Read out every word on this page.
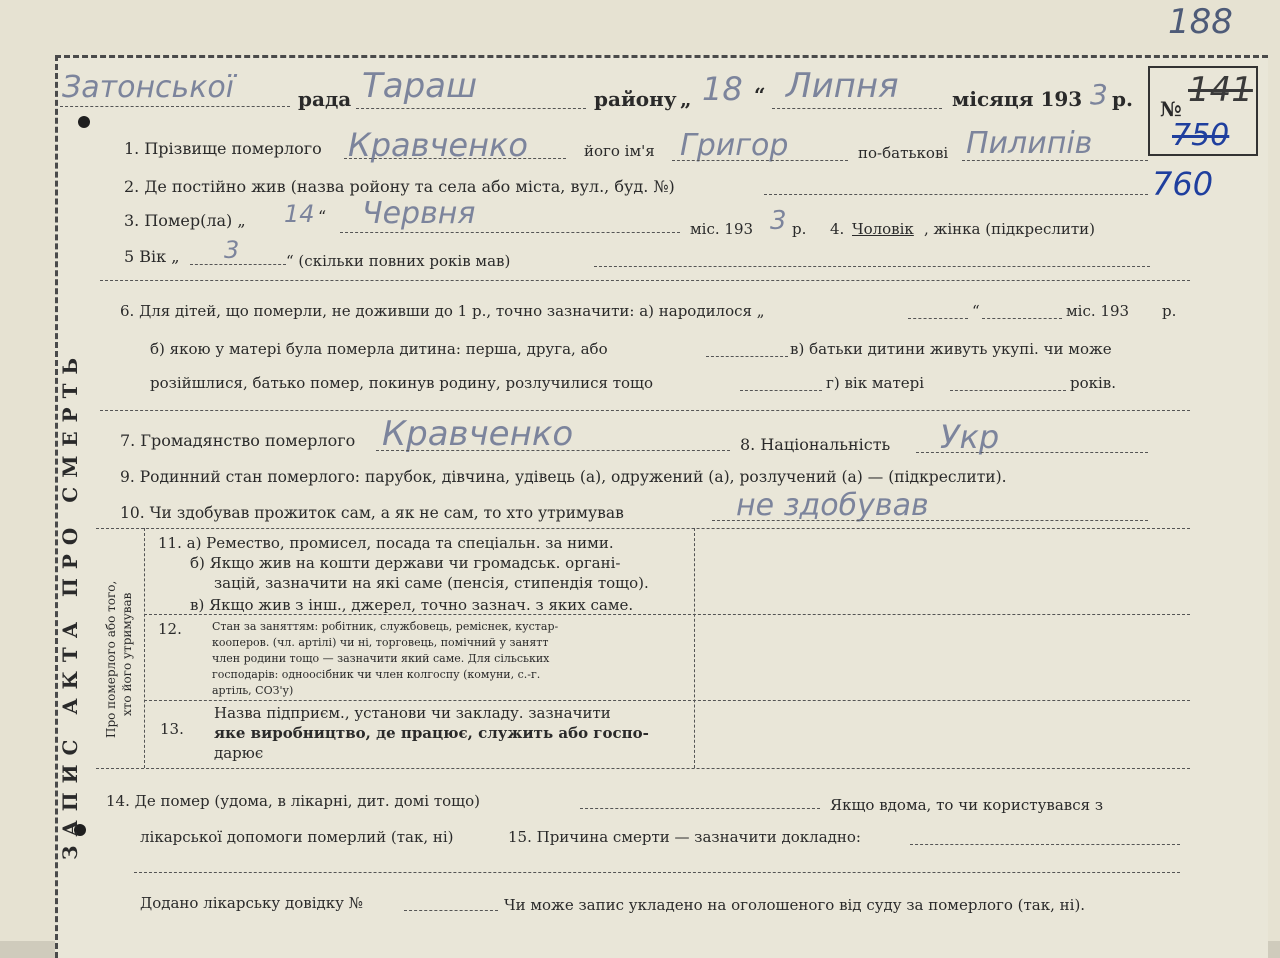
188
№ 141
750
760
Затонської	рада Тараш	району „ 18 “ Липня	місяця 193 3 р.
ЗАПИС АКТА ПРО СМЕРТЬ
1. Прізвище померлого Кравченко	його ім'я Григор	по-батькові Пилипів
2. Де постійно жив (назва ройону та села або міста, вул., буд. №)
3. Помер(ла) „ 14 “ Червня	міс. 193 3 р. 4. Чоловік , жінка (підкреслити)
5 Вік „ 3	“ (скільки повних років мав)
6. Для дітей, що померли, не доживши до 1 р., точно зазначити: а) народилося „	“	міс. 193 р.
б) якою у матері була померла дитина: перша, друга, або	в) батьки дитини живуть укупі. чи може
розійшлися, батько помер, покинув родину, розлучилися тощо	г) вік матері	років.
7. Громадянство померлого Кравченко	8. Національність Укр
9. Родинний стан померлого: парубок, дівчина, удівець (а), одружений (а), розлучений (а) — (підкреслити).
10. Чи здобував прожиток сам, а як не сам, то хто утримував	не здобував
Про померлого або того, хто його утримував
11. а) Ремество, промисел, посада та спеціальн. за ними.
б) Якщо жив на кошти держави чи громадськ. органі-
зацій, зазначити на які саме (пенсія, стипендія тощо).
в) Якщо жив з інш., джерел, точно зазнач. з яких саме.
12.	Стан за заняттям: робітник, службовець, реміснек, кустар-
кооперов. (чл. артілі) чи ні, торговець, помічний у занятт
член родини тощо — зазначити який саме. Для сільських
господарів: одноосібник чи член колгоспу (комуни, с.-г.
артіль, СОЗ'у)
13.
Назва підприєм., установи чи закладу. зазначити
яке виробництво, де працює, служить або госпо-
дарює
14. Де помер (удома, в лікарні, дит. домі тощо)	Якщо вдома, то чи користувався з
лікарської допомоги померлий (так, ні)	15. Причина смерти — зазначити докладно:
Додано лікарську довідку №	Чи може запис укладено на оголошеного від суду за померлого (так, ні).
